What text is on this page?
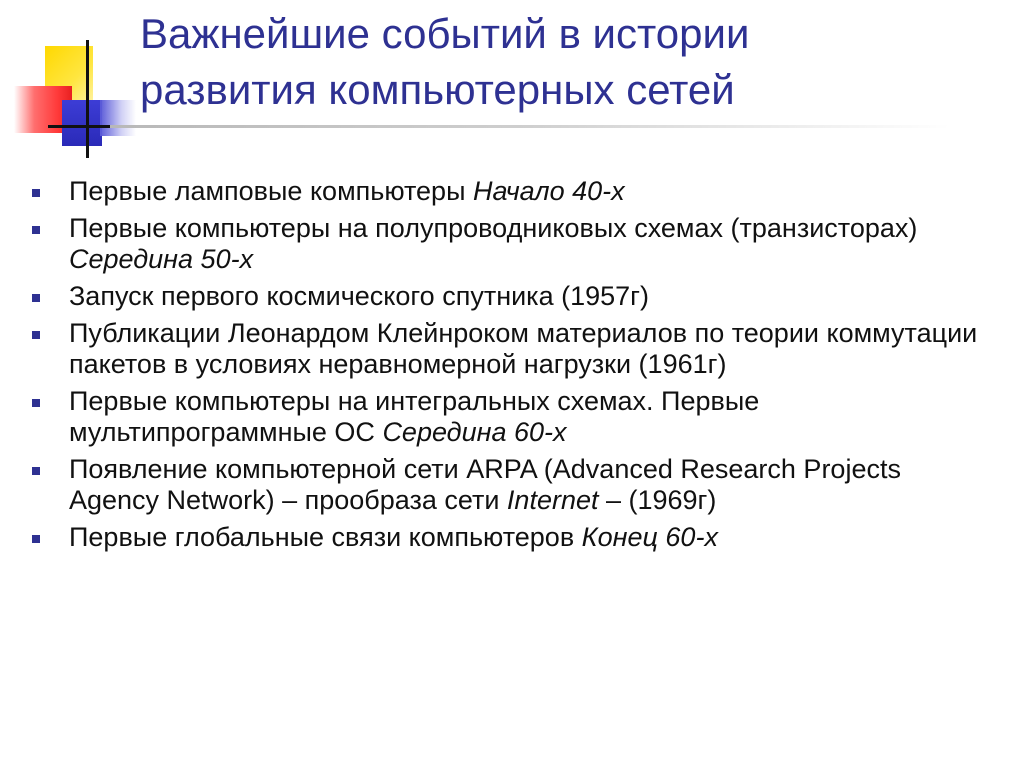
Важнейшие событий в истории
развития компьютерных сетей
Первые ламповые компьютеры Начало 40-х
Первые компьютеры на полупроводниковых схемах (транзисторах) Середина 50-х
Запуск первого космического спутника (1957г)
Публикации Леонардом Клейнроком материалов по теории коммутации пакетов в условиях неравномерной нагрузки (1961г)
Первые компьютеры на интегральных схемах. Первые мультипрограммные ОС Середина 60-х
Появление компьютерной сети ARPA (Advanced Research Projects Agency Network) – прообраза сети Internet – (1969г)
Первые глобальные связи компьютеров Конец 60-х
